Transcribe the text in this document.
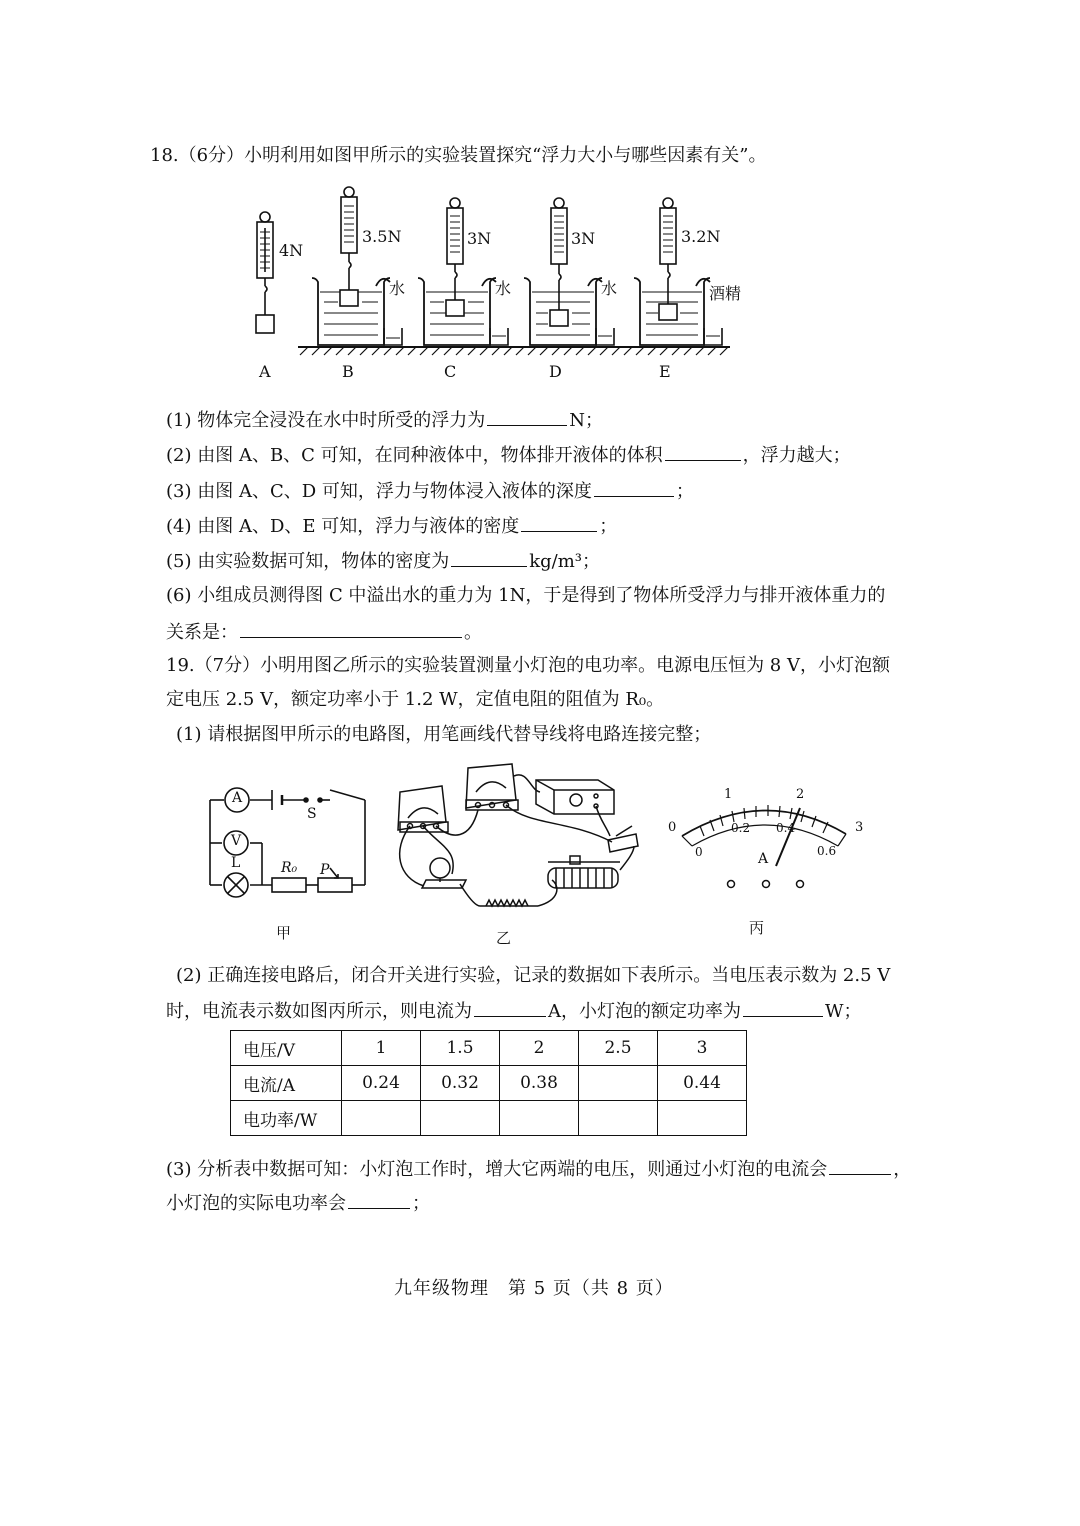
18.（6分）小明利用如图甲所示的实验装置探究“浮力大小与哪些因素有关”。
4N
3.5N	3N	3N	3.2N
水	水	水	酒精
A	B	C	D	E
(1) 物体完全浸没在水中时所受的浮力为	N；
(2) 由图 A、B、C 可知，在同种液体中，物体排开液体的体积	，浮力越大；
(3) 由图 A、C、D 可知，浮力与物体浸入液体的深度	；
(4) 由图 A、D、E 可知，浮力与液体的密度	；
(5) 由实验数据可知，物体的密度为	kg/m³；
(6) 小组成员测得图 C 中溢出水的重力为 1N，于是得到了物体所受浮力与排开液体重力的
关系是：	。
19.（7分）小明用图乙所示的实验装置测量小灯泡的电功率。电源电压恒为 8 V，小灯泡额
定电压 2.5 V，额定功率小于 1.2 W，定值电阻的阻值为 R₀。
(1) 请根据图甲所示的电路图，用笔画线代替导线将电路连接完整；
A
V
L
S
R₀ P
甲	乙
丙
1	2
0	3
0
0.2 0.4
0.6
A
(2) 正确连接电路后，闭合开关进行实验，记录的数据如下表所示。当电压表示数为 2.5 V
时，电流表示数如图丙所示，则电流为	A，小灯泡的额定功率为	W；
电压/V	1	1.5	2	2.5	3
电流/A	0.24	0.32	0.38		0.44
电功率/W					
(3) 分析表中数据可知：小灯泡工作时，增大它两端的电压，则通过小灯泡的电流会	，
小灯泡的实际电功率会	；
九年级物理　第 5 页（共 8 页）
